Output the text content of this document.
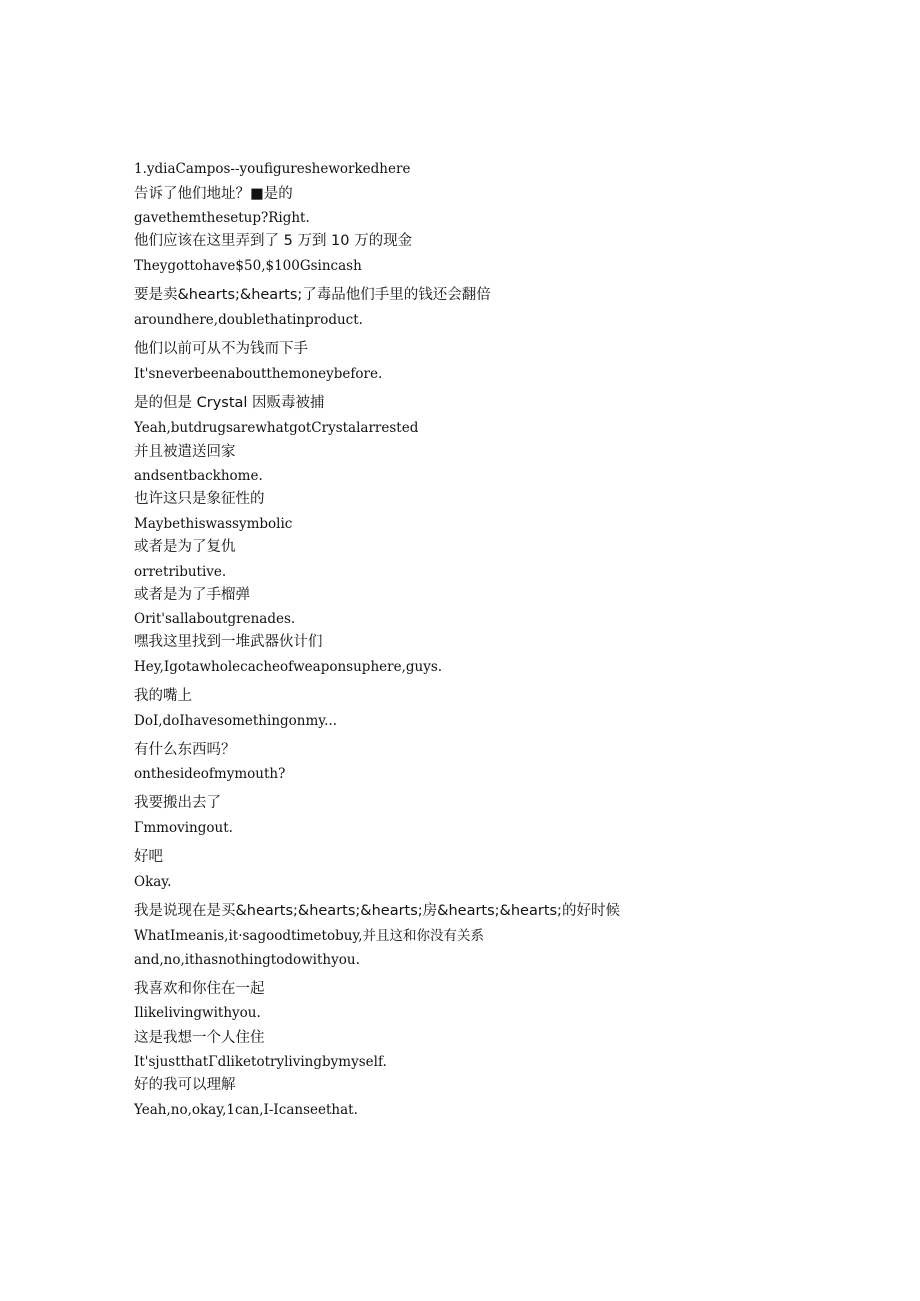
1.ydiaCampos--youfiguresheworkedhere
告诉了他们地址？■是的
gavethemthesetup?Right.
他们应该在这里弄到了 5 万到 10 万的现金
Theygottohave$50,$100Gsincash
要是卖&hearts;&hearts;了毒品他们手里的钱还会翻倍
aroundhere,doublethatinproduct.
他们以前可从不为钱而下手
It'sneverbeenaboutthemoneybefore.
是的但是 Crystal 因贩毒被捕
Yeah,butdrugsarewhatgotCrystalarrested
并且被遣送回家
andsentbackhome.
也许这只是象征性的
Maybethiswassymbolic
或者是为了复仇
orretributive.
或者是为了手榴弹
Orit'sallaboutgrenades.
嘿我这里找到一堆武器伙计们
Hey,Igotawholecacheofweaponsuphere,guys.
我的嘴上
DoI,doIhavesomethingonmy...
有什么东西吗？
onthesideofmymouth?
我要搬出去了
Γmmovingout.
好吧
Okay.
我是说现在是买&hearts;&hearts;&hearts;房&hearts;&hearts;的好时候
WhatImeanis,it·sagoodtimetobuy,并且这和你没有关系
and,no,ithasnothingtodowithyou.
我喜欢和你住在一起
Ilikelivingwithyou.
这是我想一个人住住
It'sjustthatΓdliketotrylivingbymyself.
好的我可以理解
Yeah,no,okay,1can,I-Icanseethat.
